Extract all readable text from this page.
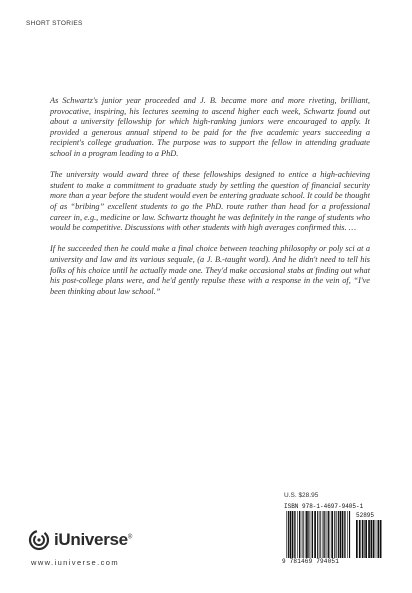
SHORT STORIES

As Schwartz's junior year proceeded and J. B. became more and more riveting, brilliant, provocative, inspiring, his lectures seeming to ascend higher each week, Schwartz found out about a university fellowship for which high-ranking juniors were encouraged to apply. It provided a generous annual stipend to be paid for the five academic years succeeding a recipient's college graduation. The purpose was to support the fellow in attending graduate school in a program leading to a PhD.

The university would award three of these fellowships designed to entice a high-achieving student to make a commitment to graduate study by settling the question of financial security more than a year before the student would even be entering graduate school. It could be thought of as “bribing” excellent students to go the PhD. route rather than head for a professional career in, e.g., medicine or law. Schwartz thought he was definitely in the range of students who would be competitive. Discussions with other students with high averages confirmed this. …

If he succeeded then he could make a final choice between teaching philosophy or poly sci at a university and law and its various sequale, (a J. B.-taught word). And he didn't need to tell his folks of his choice until he actually made one. They'd make occasional stabs at finding out what his post-college plans were, and he'd gently repulse these with a response in the vein of, “I've been thinking about law school.”

U.S. $28.95
ISBN 978-1-4697-9405-1
52895
9 781469 794051
iUniverse®
www.iuniverse.com
